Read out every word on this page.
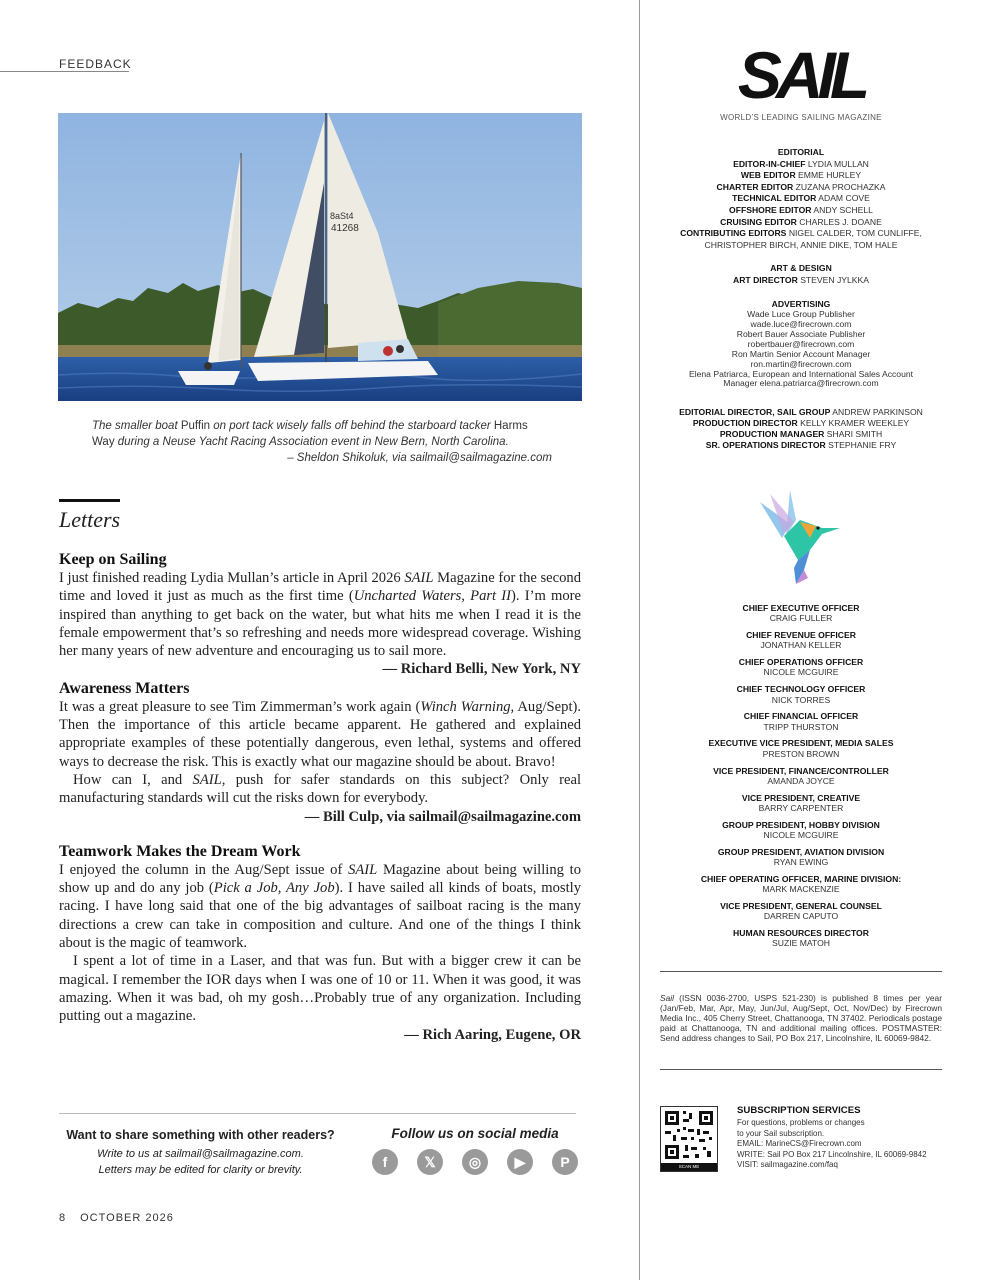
FEEDBACK
8aSt4
41268
The smaller boat Puffin on port tack wisely falls off behind the starboard tacker Harms
Way during a Neuse Yacht Racing Association event in New Bern, North Carolina.
– Sheldon Shikoluk, via sailmail@sailmagazine.com
Letters
Keep on Sailing

I just finished reading Lydia Mullan’s article in April 2026 SAIL Magazine for the second time and loved it just as much as the first time (Uncharted Waters, Part II). I’m more inspired than anything to get back on the water, but what hits me when I read it is the female empowerment that’s so refreshing and needs more widespread coverage. Wishing her many years of new adventure and encouraging us to sail more.

— Richard Belli, New York, NY
Awareness Matters

It was a great pleasure to see Tim Zimmerman’s work again (Winch Warning, Aug/Sept). Then the importance of this article became apparent. He gathered and explained appropriate examples of these potentially dangerous, even lethal, systems and offered ways to decrease the risk. This is exactly what our magazine should be about. Bravo!

How can I, and SAIL, push for safer standards on this subject? Only real manufacturing standards will cut the risks down for everybody.

— Bill Culp, via sailmail@sailmagazine.com
Teamwork Makes the Dream Work

I enjoyed the column in the Aug/Sept issue of SAIL Magazine about being willing to show up and do any job (Pick a Job, Any Job). I have sailed all kinds of boats, mostly racing. I have long said that one of the big advantages of sailboat racing is the many directions a crew can take in composition and culture. And one of the things I think about is the magic of teamwork.

I spent a lot of time in a Laser, and that was fun. But with a bigger crew it can be magical. I remember the IOR days when I was one of 10 or 11. When it was good, it was amazing. When it was bad, oh my gosh…Probably true of any organization. Including putting out a magazine.

— Rich Aaring, Eugene, OR
Want to share something with other readers?
Write to us at sailmail@sailmagazine.com.
Letters may be edited for clarity or brevity.
Follow us on social media
f	𝕏	◎	▶	P
8 OCTOBER 2026
SAIL
WORLD’S LEADING SAILING MAGAZINE
EDITORIAL
EDITOR-IN-CHIEF LYDIA MULLAN
WEB EDITOR EMME HURLEY
CHARTER EDITOR ZUZANA PROCHAZKA
TECHNICAL EDITOR ADAM COVE
OFFSHORE EDITOR ANDY SCHELL
CRUISING EDITOR CHARLES J. DOANE
CONTRIBUTING EDITORS NIGEL CALDER, TOM CUNLIFFE, CHRISTOPHER BIRCH, ANNIE DIKE, TOM HALE
ART & DESIGN
ART DIRECTOR STEVEN JYLKKA
ADVERTISING
Wade Luce Group Publisher
wade.luce@firecrown.com
Robert Bauer Associate Publisher
robertbauer@firecrown.com
Ron Martin Senior Account Manager
ron.martin@firecrown.com
Elena Patriarca, European and International Sales Account Manager elena.patriarca@firecrown.com
EDITORIAL DIRECTOR, SAIL GROUP ANDREW PARKINSON
PRODUCTION DIRECTOR KELLY KRAMER WEEKLEY
PRODUCTION MANAGER SHARI SMITH
SR. OPERATIONS DIRECTOR STEPHANIE FRY
CHIEF EXECUTIVE OFFICER
CRAIG FULLER
CHIEF REVENUE OFFICER
JONATHAN KELLER
CHIEF OPERATIONS OFFICER
NICOLE MCGUIRE
CHIEF TECHNOLOGY OFFICER
NICK TORRES
CHIEF FINANCIAL OFFICER
TRIPP THURSTON
EXECUTIVE VICE PRESIDENT, MEDIA SALES
PRESTON BROWN
VICE PRESIDENT, FINANCE/CONTROLLER
AMANDA JOYCE
VICE PRESIDENT, CREATIVE
BARRY CARPENTER
GROUP PRESIDENT, HOBBY DIVISION
NICOLE MCGUIRE
GROUP PRESIDENT, AVIATION DIVISION
RYAN EWING
CHIEF OPERATING OFFICER, MARINE DIVISION:
MARK MACKENZIE
VICE PRESIDENT, GENERAL COUNSEL
DARREN CAPUTO
HUMAN RESOURCES DIRECTOR
SUZIE MATOH
Sail (ISSN 0036-2700, USPS 521-230) is published 8 times per year (Jan/Feb, Mar, Apr, May, Jun/Jul, Aug/Sept, Oct, Nov/Dec) by Firecrown Media Inc., 405 Cherry Street, Chattanooga, TN 37402. Periodicals postage paid at Chattanooga, TN and additional mailing offices. POSTMASTER: Send address changes to Sail, PO Box 217, Lincolnshire, IL 60069-9842.
SCAN ME
SUBSCRIPTION SERVICES
For questions, problems or changes
to your Sail subscription.
EMAIL: MarineCS@Firecrown.com
WRITE: Sail PO Box 217 Lincolnshire, IL 60069-9842
VISIT: sailmagazine.com/faq
